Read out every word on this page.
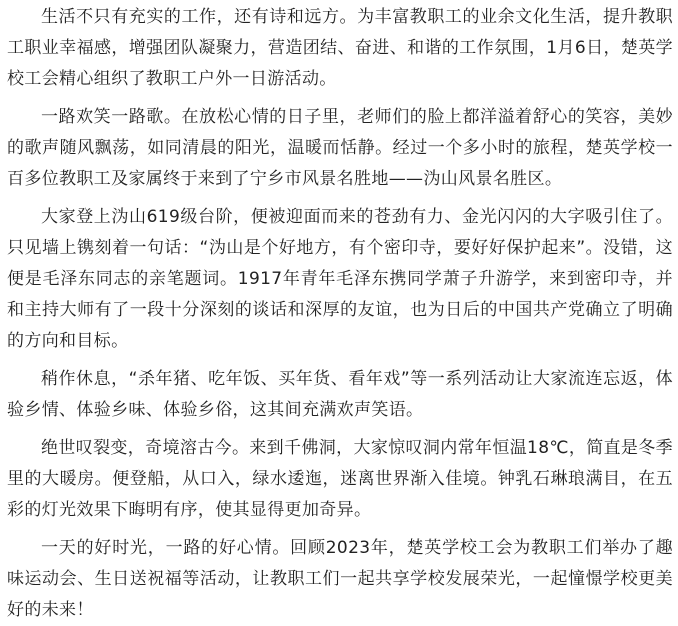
生活不只有充实的工作，还有诗和远方。为丰富教职工的业余文化生活，提升教职工职业幸福感，增强团队凝聚力，营造团结、奋进、和谐的工作氛围，1月6日，楚英学校工会精心组织了教职工户外一日游活动。

一路欢笑一路歌。在放松心情的日子里，老师们的脸上都洋溢着舒心的笑容，美妙的歌声随风飘荡，如同清晨的阳光，温暖而恬静。经过一个多小时的旅程，楚英学校一百多位教职工及家属终于来到了宁乡市风景名胜地——沩山风景名胜区。

大家登上沩山619级台阶，便被迎面而来的苍劲有力、金光闪闪的大字吸引住了。只见墙上镌刻着一句话：“沩山是个好地方，有个密印寺，要好好保护起来”。没错，这便是毛泽东同志的亲笔题词。1917年青年毛泽东携同学萧子升游学，来到密印寺，并和主持大师有了一段十分深刻的谈话和深厚的友谊，也为日后的中国共产党确立了明确的方向和目标。

稍作休息，“杀年猪、吃年饭、买年货、看年戏”等一系列活动让大家流连忘返，体验乡情、体验乡味、体验乡俗，这其间充满欢声笑语。

绝世叹裂变，奇境溶古今。来到千佛洞，大家惊叹洞内常年恒温18℃，简直是冬季里的大暖房。便登船，从口入，绿水逶迤，迷离世界渐入佳境。钟乳石琳琅满目，在五彩的灯光效果下晦明有序，使其显得更加奇异。

一天的好时光，一路的好心情。回顾2023年，楚英学校工会为教职工们举办了趣味运动会、生日送祝福等活动，让教职工们一起共享学校发展荣光，一起憧憬学校更美好的未来！
